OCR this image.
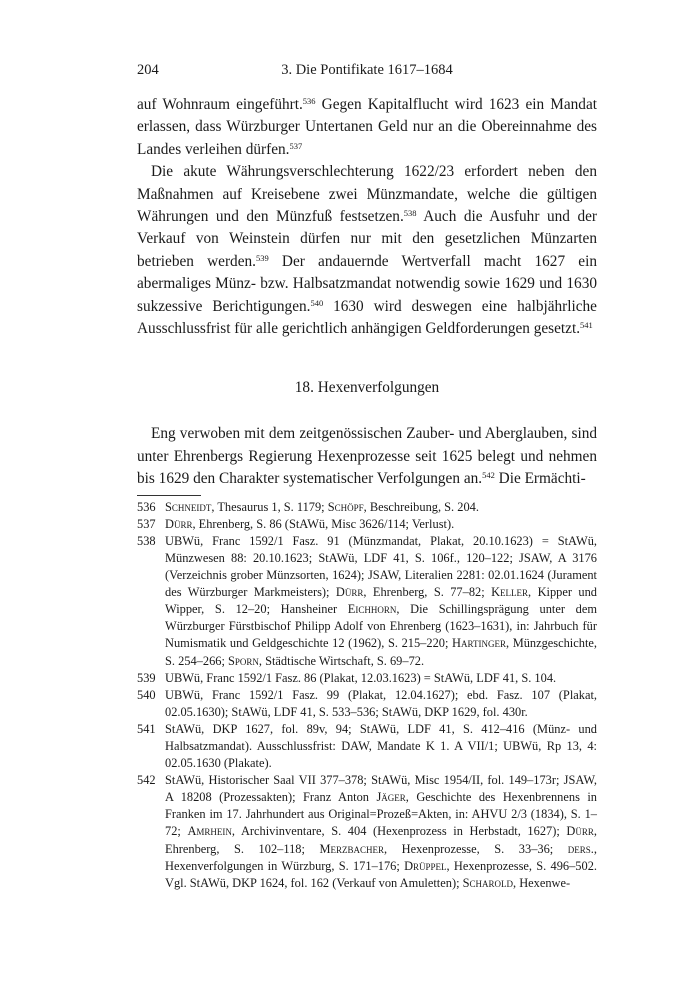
204	3. Die Pontifikate 1617–1684

auf Wohnraum eingeführt.$^{536}$ Gegen Kapitalflucht wird 1623 ein Mandat erlassen, dass Würzburger Untertanen Geld nur an die Obereinnahme des Landes verleihen dürfen.$^{537}$

Die akute Währungsverschlechterung 1622/23 erfordert neben den Maßnahmen auf Kreisebene zwei Münzmandate, welche die gültigen Währungen und den Münzfuß festsetzen.$^{538}$ Auch die Ausfuhr und der Verkauf von Weinstein dürfen nur mit den gesetzlichen Münzarten betrieben werden.$^{539}$ Der andauernde Wertverfall macht 1627 ein abermaliges Münz- bzw. Halbsatzmandat notwendig sowie 1629 und 1630 sukzessive Berichtigungen.$^{540}$ 1630 wird deswegen eine halbjährliche Ausschlussfrist für alle gerichtlich anhängigen Geldforderungen gesetzt.$^{541}$

18. Hexenverfolgungen

Eng verwoben mit dem zeitgenössischen Zauber- und Aberglauben, sind unter Ehrenbergs Regierung Hexenprozesse seit 1625 belegt und nehmen bis 1629 den Charakter systematischer Verfolgungen an.$^{542}$ Die Ermächti-

536 Schneidt, Thesaurus 1, S. 1179; Schöpf, Beschreibung, S. 204.
537 Dürr, Ehrenberg, S. 86 (StAWü, Misc 3626/114; Verlust).
538 UBWü, Franc 1592/1 Fasz. 91 (Münzmandat, Plakat, 20.10.1623) = StAWü, Münzwesen 88: 20.10.1623; StAWü, LDF 41, S. 106f., 120–122; JSAW, A 3176 (Verzeichnis grober Münzsorten, 1624); JSAW, Literalien 2281: 02.01.1624 (Jurament des Würzburger Markmeisters); Dürr, Ehrenberg, S. 77–82; Keller, Kipper und Wipper, S. 12–20; Hansheiner Eichhorn, Die Schillingsprägung unter dem Würzburger Fürstbischof Philipp Adolf von Ehrenberg (1623–1631), in: Jahrbuch für Numismatik und Geldgeschichte 12 (1962), S. 215–220; Hartinger, Münzgeschichte, S. 254–266; Sporn, Städtische Wirtschaft, S. 69–72.
539 UBWü, Franc 1592/1 Fasz. 86 (Plakat, 12.03.1623) = StAWü, LDF 41, S. 104.
540 UBWü, Franc 1592/1 Fasz. 99 (Plakat, 12.04.1627); ebd. Fasz. 107 (Plakat, 02.05.1630); StAWü, LDF 41, S. 533–536; StAWü, DKP 1629, fol. 430r.
541 StAWü, DKP 1627, fol. 89v, 94; StAWü, LDF 41, S. 412–416 (Münz- und Halbsatzmandat). Ausschlussfrist: DAW, Mandate K 1. A VII/1; UBWü, Rp 13, 4: 02.05.1630 (Plakate).
542 StAWü, Historischer Saal VII 377–378; StAWü, Misc 1954/II, fol. 149–173r; JSAW, A 18208 (Prozessakten); Franz Anton Jäger, Geschichte des Hexenbrennens in Franken im 17. Jahrhundert aus Original=Prozeß=Akten, in: AHVU 2/3 (1834), S. 1–72; Amrhein, Archivinventare, S. 404 (Hexenprozess in Herbstadt, 1627); Dürr, Ehrenberg, S. 102–118; Merzbacher, Hexenprozesse, S. 33–36; ders., Hexenverfolgungen in Würzburg, S. 171–176; Drüppel, Hexenprozesse, S. 496–502. Vgl. StAWü, DKP 1624, fol. 162 (Verkauf von Amuletten); Scharold, Hexenwe-
